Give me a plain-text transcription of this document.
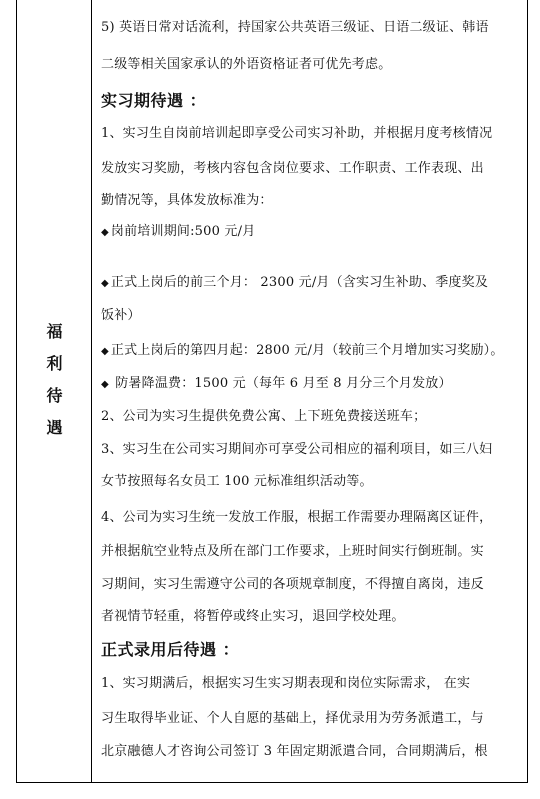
福
利
待
遇
5) 英语日常对话流利，持国家公共英语三级证、日语二级证、韩语
二级等相关国家承认的外语资格证者可优先考虑。
实习期待遇 ：
1、实习生自岗前培训起即享受公司实习补助，并根据月度考核情况
发放实习奖励，考核内容包含岗位要求、工作职责、工作表现、出
勤情况等，具体发放标准为：
◆ 岗前培训期间:500 元/月
◆ 正式上岗后的前三个月： 2300 元/月（含实习生补助、季度奖及
饭补）
◆ 正式上岗后的第四月起：2800 元/月（较前三个月增加实习奖励）。
◆ 防暑降温费：1500 元（每年 6 月至 8 月分三个月发放）
2、公司为实习生提供免费公寓、上下班免费接送班车；
3、实习生在公司实习期间亦可享受公司相应的福利项目，如三八妇
女节按照每名女员工 100 元标准组织活动等。
4、公司为实习生统一发放工作服，根据工作需要办理隔离区证件，
并根据航空业特点及所在部门工作要求，上班时间实行倒班制。实
习期间，实习生需遵守公司的各项规章制度，不得擅自离岗，违反
者视情节轻重，将暂停或终止实习，退回学校处理。
正式录用后待遇 ：
1、实习期满后，根据实习生实习期表现和岗位实际需求， 在实
习生取得毕业证、个人自愿的基础上，择优录用为劳务派遣工，与
北京融德人才咨询公司签订 3 年固定期派遣合同，合同期满后，根
